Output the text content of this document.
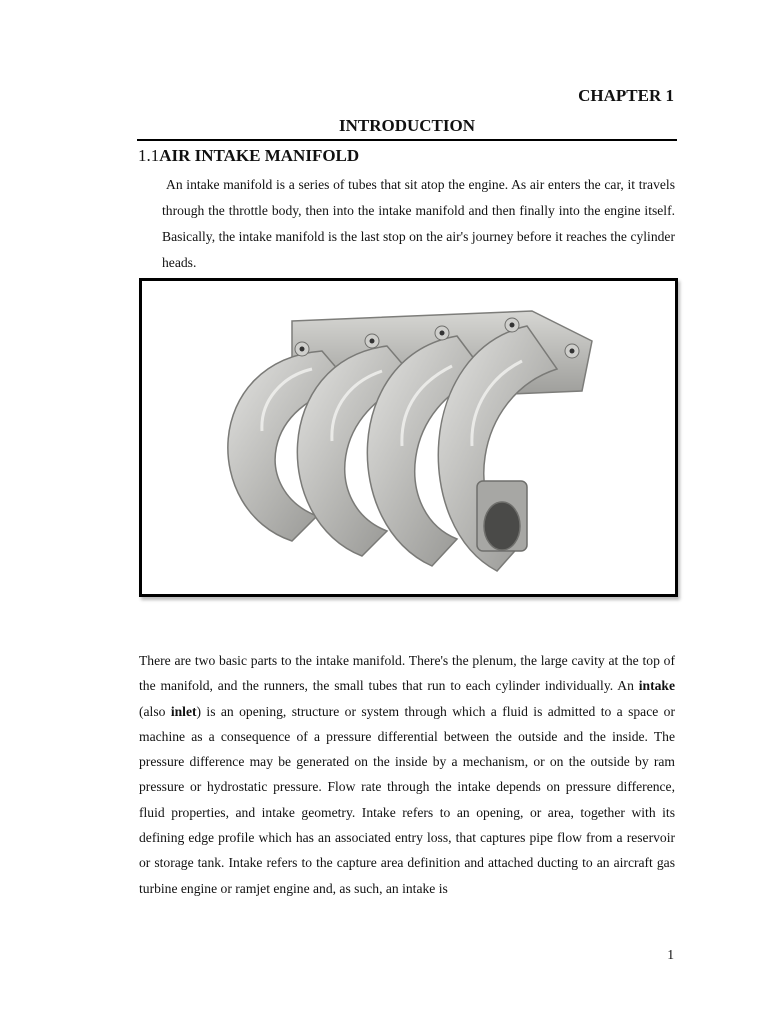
CHAPTER 1
INTRODUCTION
1.1AIR INTAKE MANIFOLD

An intake manifold is a series of tubes that sit atop the engine. As air enters the car, it travels through the throttle body, then into the intake manifold and then finally into the engine itself. Basically, the intake manifold is the last stop on the air's journey before it reaches the cylinder heads.

There are two basic parts to the intake manifold. There's the plenum, the large cavity at the top of the manifold, and the runners, the small tubes that run to each cylinder individually. An intake (also inlet) is an opening, structure or system through which a fluid is admitted to a space or machine as a consequence of a pressure differential between the outside and the inside. The pressure difference may be generated on the inside by a mechanism, or on the outside by ram pressure or hydrostatic pressure. Flow rate through the intake depends on pressure difference, fluid properties, and intake geometry. Intake refers to an opening, or area, together with its defining edge profile which has an associated entry loss, that captures pipe flow from a reservoir or storage tank. Intake refers to the capture area definition and attached ducting to an aircraft gas turbine engine or ramjet engine and, as such, an intake is

1
